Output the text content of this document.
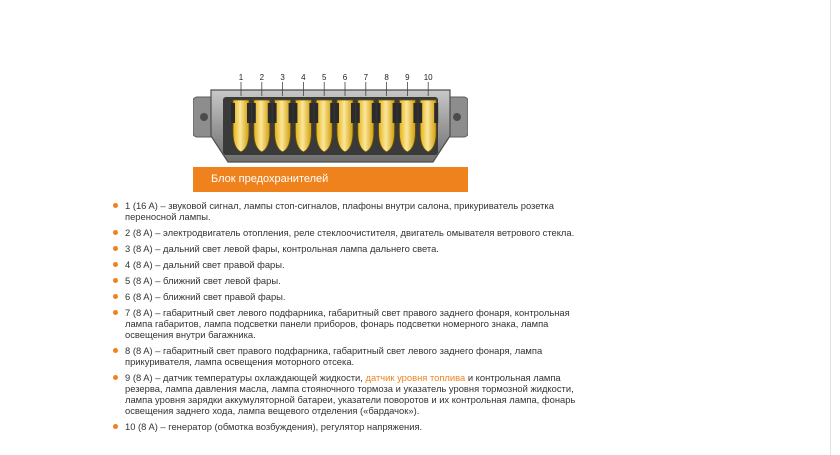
1 2 3 4 5 6 7 8 9 10
Блок предохранителей
1 (16 A) – звуковой сигнал, лампы стоп-сигналов, плафоны внутри салона, прикуриватель розетка переносной лампы.
2 (8 A) – электродвигатель отопления, реле стеклоочистителя, двигатель омывателя ветрового стекла.
3 (8 A) – дальний свет левой фары, контрольная лампа дальнего света.
4 (8 A) – дальний свет правой фары.
5 (8 A) – ближний свет левой фары.
6 (8 A) – ближний свет правой фары.
7 (8 A) – габаритный свет левого подфарника, габаритный свет правого заднего фонаря, контрольная лампа габаритов, лампа подсветки панели приборов, фонарь подсветки номерного знака, лампа освещения внутри багажника.
8 (8 A) – габаритный свет правого подфарника, габаритный свет левого заднего фонаря, лампа прикуривателя, лампа освещения моторного отсека.
9 (8 A) – датчик температуры охлаждающей жидкости, датчик уровня топлива и контрольная лампа резерва, лампа давления масла, лампа стояночного тормоза и указатель уровня тормозной жидкости, лампа уровня зарядки аккумуляторной батареи, указатели поворотов и их контрольная лампа, фонарь освещения заднего хода, лампа вещевого отделения («бардачок»).
10 (8 A) – генератор (обмотка возбуждения), регулятор напряжения.
